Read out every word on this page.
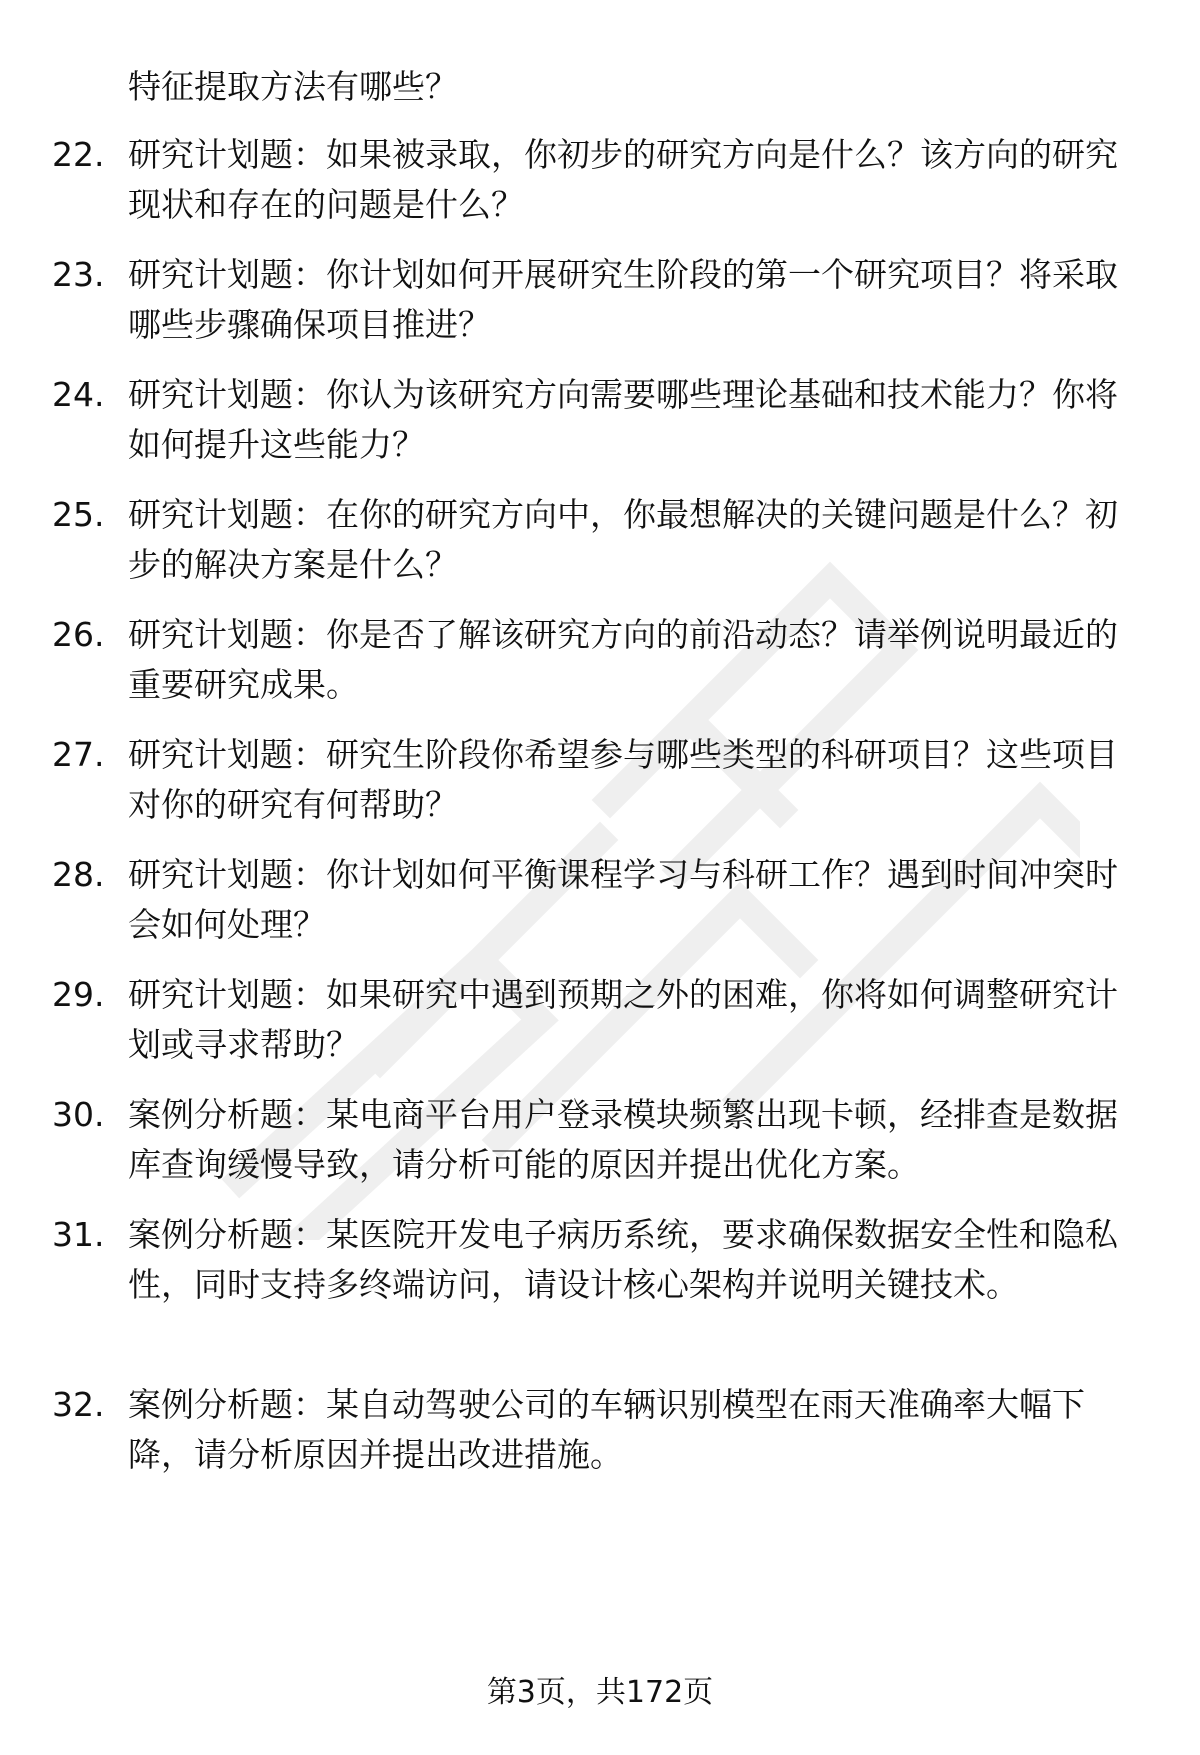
特征提取方法有哪些？
22. 研究计划题：如果被录取，你初步的研究方向是什么？该方向的研究现状和存在的问题是什么？
23. 研究计划题：你计划如何开展研究生阶段的第一个研究项目？将采取哪些步骤确保项目推进？
24. 研究计划题：你认为该研究方向需要哪些理论基础和技术能力？你将如何提升这些能力？
25. 研究计划题：在你的研究方向中，你最想解决的关键问题是什么？初步的解决方案是什么？
26. 研究计划题：你是否了解该研究方向的前沿动态？请举例说明最近的重要研究成果。
27. 研究计划题：研究生阶段你希望参与哪些类型的科研项目？这些项目对你的研究有何帮助？
28. 研究计划题：你计划如何平衡课程学习与科研工作？遇到时间冲突时会如何处理？
29. 研究计划题：如果研究中遇到预期之外的困难，你将如何调整研究计划或寻求帮助？
30. 案例分析题：某电商平台用户登录模块频繁出现卡顿，经排查是数据库查询缓慢导致，请分析可能的原因并提出优化方案。
31. 案例分析题：某医院开发电子病历系统，要求确保数据安全性和隐私性，同时支持多终端访问，请设计核心架构并说明关键技术。
32. 案例分析题：某自动驾驶公司的车辆识别模型在雨天准确率大幅下降，请分析原因并提出改进措施。
第3页，共172页
